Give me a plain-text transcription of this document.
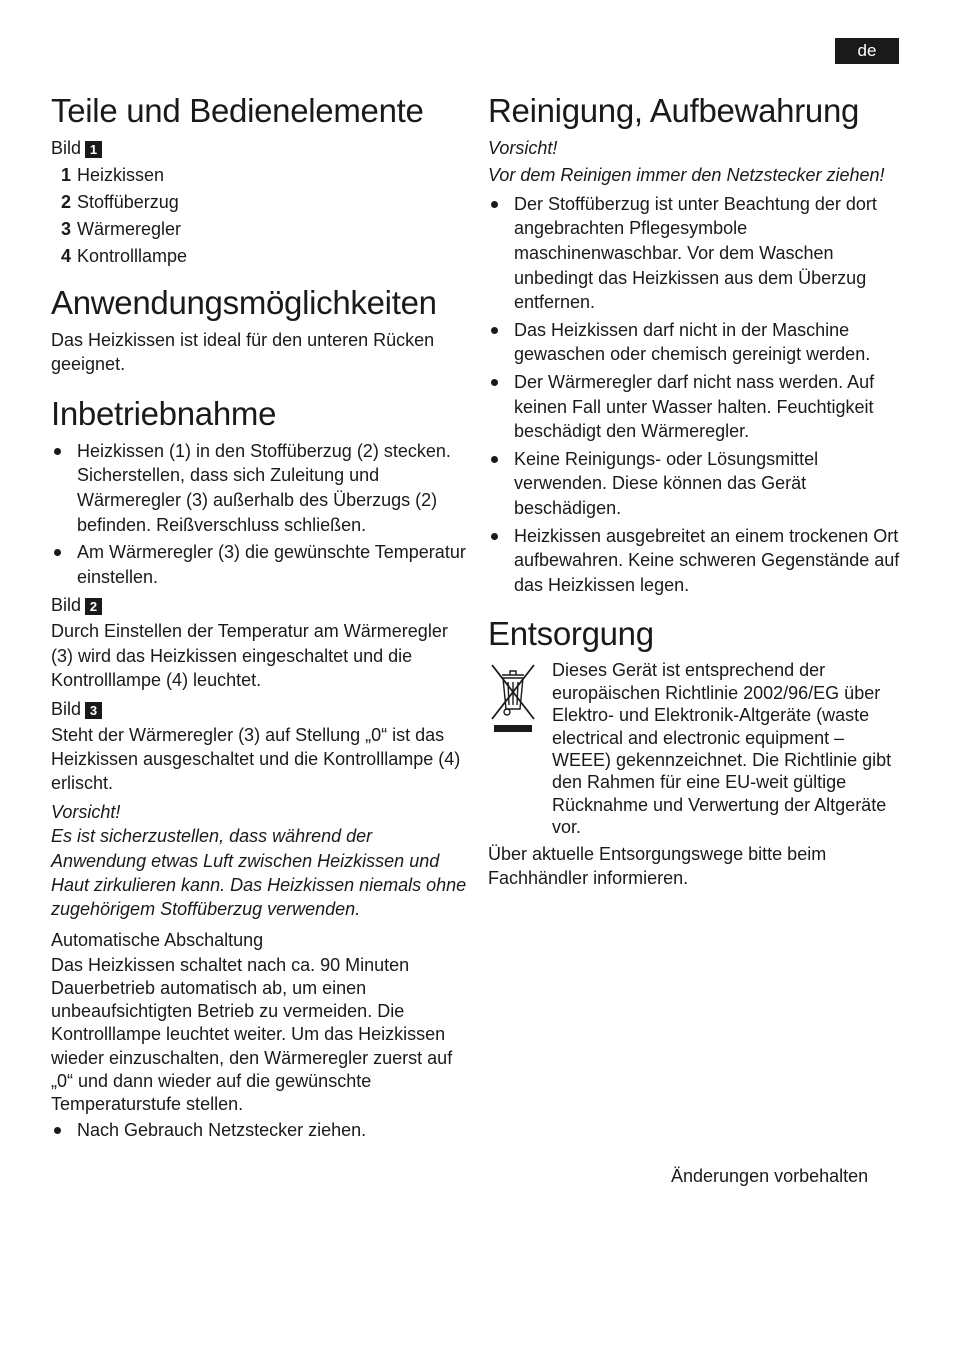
de
Teile und Bedienelemente
Bild 1
1 Heizkissen
2 Stoffüberzug
3 Wärmeregler
4 Kontrolllampe
Anwendungsmöglichkeiten

Das Heizkissen ist ideal für den unteren Rücken geeignet.

Inbetriebnahme
Heizkissen (1) in den Stoffüberzug (2) stecken. Sicherstellen, dass sich Zuleitung und Wärmeregler (3) außerhalb des Überzugs (2) befinden. Reißverschluss schließen.
Am Wärmeregler (3) die gewünschte Temperatur einstellen.
Bild 2

Durch Einstellen der Temperatur am Wärmeregler (3) wird das Heizkissen eingeschaltet und die Kontrolllampe (4) leuchtet.

Bild 3

Steht der Wärmeregler (3) auf Stellung „0“ ist das Heizkissen ausgeschaltet und die Kontrolllampe (4) erlischt.

Vorsicht!

Es ist sicherzustellen, dass während der Anwendung etwas Luft zwischen Heizkissen und Haut zirkulieren kann. Das Heizkissen niemals ohne zugehörigem Stoffüberzug verwenden.

Automatische Abschaltung

Das Heizkissen schaltet nach ca. 90 Minuten Dauerbetrieb automatisch ab, um einen unbeaufsichtigten Betrieb zu vermeiden. Die Kontrolllampe leuchtet weiter. Um das Heizkissen wieder einzuschalten, den Wärmeregler zuerst auf „0“ und dann wieder auf die gewünschte Temperaturstufe stellen.

Nach Gebrauch Netzstecker ziehen.
Reinigung, Aufbewahrung

Vorsicht!

Vor dem Reinigen immer den Netzstecker ziehen!

Der Stoffüberzug ist unter Beachtung der dort angebrachten Pflegesymbole maschinenwaschbar. Vor dem Waschen unbedingt das Heizkissen aus dem Überzug entfernen.
Das Heizkissen darf nicht in der Maschine gewaschen oder chemisch gereinigt werden.
Der Wärmeregler darf nicht nass werden. Auf keinen Fall unter Wasser halten. Feuchtigkeit beschädigt den Wärmeregler.
Keine Reinigungs- oder Lösungsmittel verwenden. Diese können das Gerät beschädigen.
Heizkissen ausgebreitet an einem trockenen Ort aufbewahren. Keine schweren Gegenstände auf das Heizkissen legen.
Entsorgung

Dieses Gerät ist entsprechend der europäischen Richtlinie 2002/96/EG über Elektro- und Elektronik-Altgeräte (waste electrical and electronic equipment – WEEE) gekennzeichnet. Die Richtlinie gibt den Rahmen für eine EU-weit gültige Rücknahme und Verwertung der Altgeräte vor.

Über aktuelle Entsorgungswege bitte beim Fachhändler informieren.

Änderungen vorbehalten
